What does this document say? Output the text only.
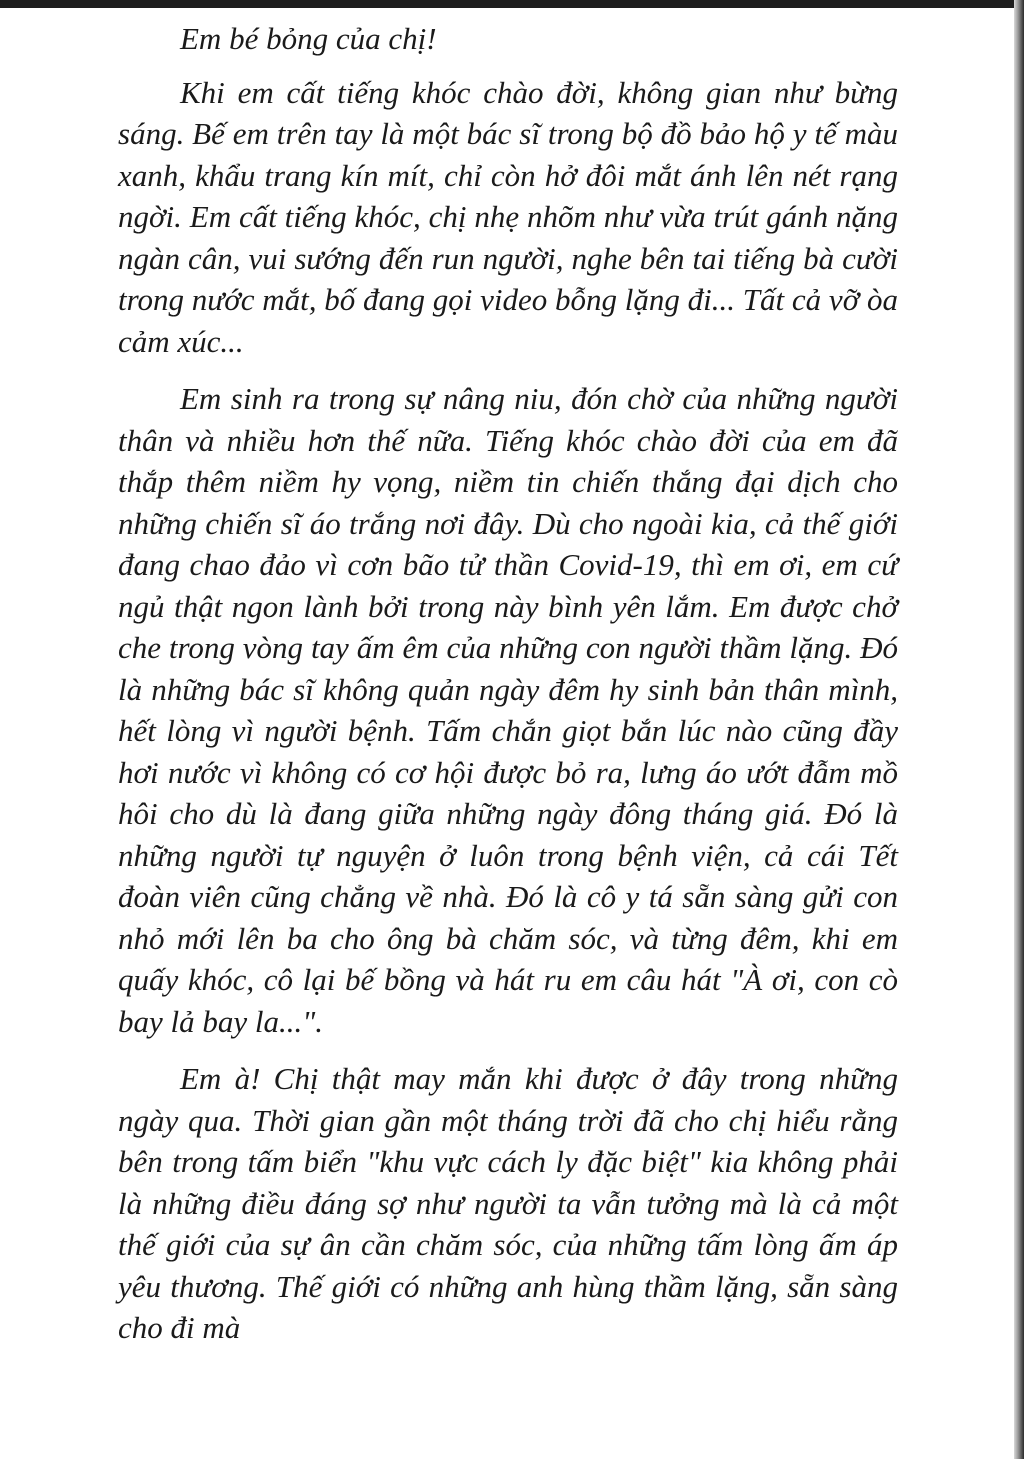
Em bé bỏng của chị!

Khi em cất tiếng khóc chào đời, không gian như bừng sáng. Bế em trên tay là một bác sĩ trong bộ đồ bảo hộ y tế màu xanh, khẩu trang kín mít, chỉ còn hở đôi mắt ánh lên nét rạng ngời. Em cất tiếng khóc, chị nhẹ nhõm như vừa trút gánh nặng ngàn cân, vui sướng đến run người, nghe bên tai tiếng bà cười trong nước mắt, bố đang gọi video bỗng lặng đi... Tất cả vỡ òa cảm xúc...

Em sinh ra trong sự nâng niu, đón chờ của những người thân và nhiều hơn thế nữa. Tiếng khóc chào đời của em đã thắp thêm niềm hy vọng, niềm tin chiến thắng đại dịch cho những chiến sĩ áo trắng nơi đây. Dù cho ngoài kia, cả thế giới đang chao đảo vì cơn bão tử thần Covid-19, thì em ơi, em cứ ngủ thật ngon lành bởi trong này bình yên lắm. Em được chở che trong vòng tay ấm êm của những con người thầm lặng. Đó là những bác sĩ không quản ngày đêm hy sinh bản thân mình, hết lòng vì người bệnh. Tấm chắn giọt bắn lúc nào cũng đầy hơi nước vì không có cơ hội được bỏ ra, lưng áo ướt đẫm mồ hôi cho dù là đang giữa những ngày đông tháng giá. Đó là những người tự nguyện ở luôn trong bệnh viện, cả cái Tết đoàn viên cũng chẳng về nhà. Đó là cô y tá sẵn sàng gửi con nhỏ mới lên ba cho ông bà chăm sóc, và từng đêm, khi em quấy khóc, cô lại bế bồng và hát ru em câu hát "À ơi, con cò bay lả bay la...".

Em à! Chị thật may mắn khi được ở đây trong những ngày qua. Thời gian gần một tháng trời đã cho chị hiểu rằng bên trong tấm biển "khu vực cách ly đặc biệt" kia không phải là những điều đáng sợ như người ta vẫn tưởng mà là cả một thế giới của sự ân cần chăm sóc, của những tấm lòng ấm áp yêu thương. Thế giới có những anh hùng thầm lặng, sẵn sàng cho đi mà
